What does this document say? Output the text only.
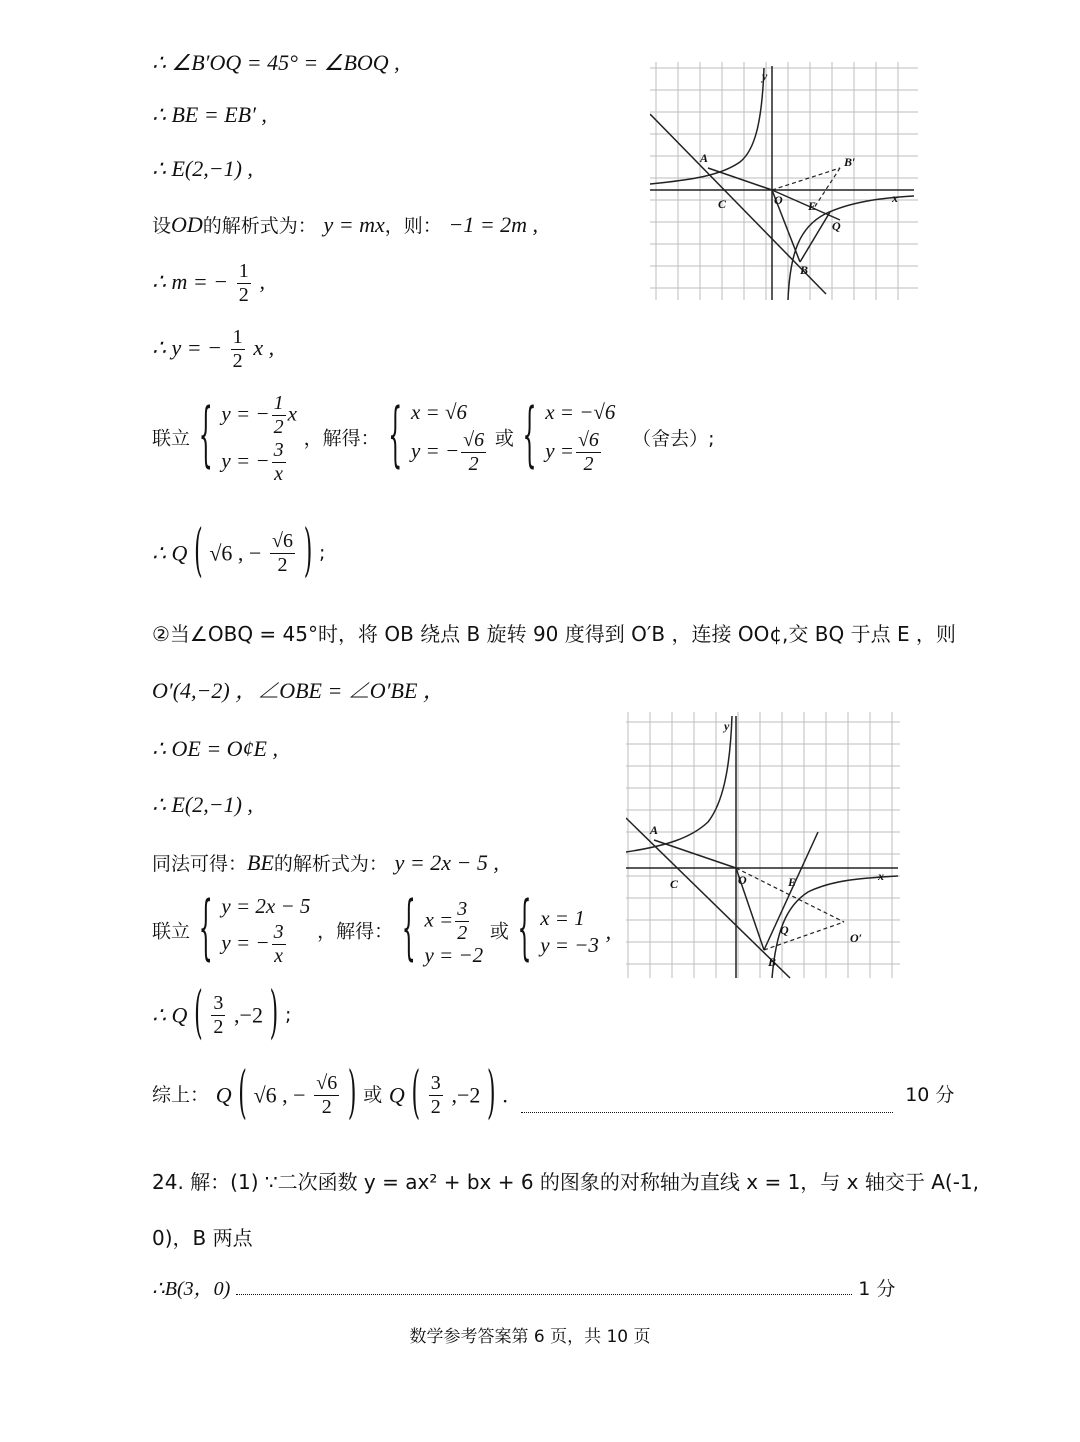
∴ ∠B′OQ = 45° = ∠BOQ ,
∴ BE = EB′ ,
∴ E(2,−1) ,
设OD的解析式为： y = mx，则： −1 = 2m ,
∴ m = − $\frac{1}{2}$ ,
∴ y = − $\frac{1}{2}$ x ,
联立 { y = − $\frac{1}{2}$ x
y = − $\frac{3}{x}$
，解得： { x = √6
y = − $\frac{√6}{2}$ 或 { x = −√6
$y = \frac{√6}{2}$ （舍去）;
∴ Q ( √6 , − $\frac{√6}{2}$ ) ;
②当∠OBQ = 45°时，将 OB 绕点 B 旋转 90 度得到 O′B ，连接 OO¢,交 BQ 于点 E ，则
O′(4,−2) ，∠OBE = ∠O′BE ，
∴ OE = O¢E ,
∴ E(2,−1) ,
同法可得：BE的解析式为： y = 2x − 5 ,
联立 { y = 2x − 5
y = − $\frac{3}{x}$ ，解得： { $x = \frac{3}{2}$
y = −2
或 { x = 1
y = −3
,
∴ Q ( $\frac{3}{2} ,-2$ ) ;
综上： Q ( √6 , − $\frac{√6}{2}$ ) 或 Q ( $\frac{3}{2} ,-2$ ) .	10 分
24. 解：(1) ∵二次函数 y = ax² + bx + 6 的图象的对称轴为直线 x = 1，与 x 轴交于 A(-1,
0)，B 两点
∴B(3，0)	1 分
数学参考答案第 6 页，共 10 页
y
x
A	B′
C	O E
Q
B
y
x
A
C	O	E
Q
O′
B
